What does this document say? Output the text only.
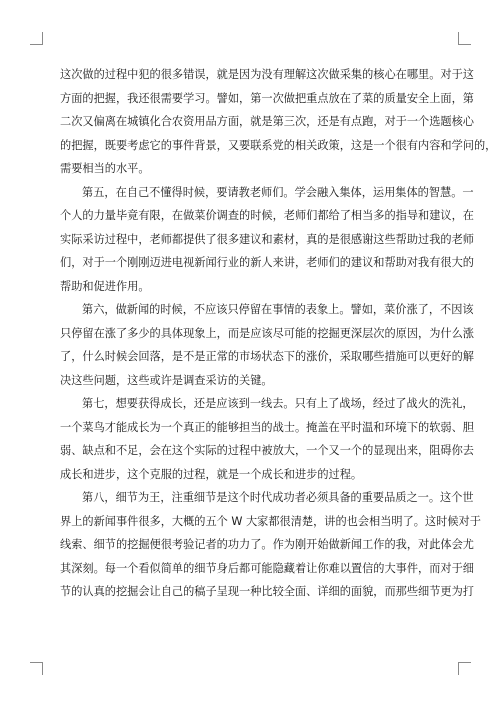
这次做的过程中犯的很多错误，就是因为没有理解这次做采集的核心在哪里。对于这
方面的把握，我还很需要学习。譬如，第一次做把重点放在了菜的质量安全上面，第
二次又偏离在城镇化合农资用品方面，就是第三次，还是有点跑，对于一个选题核心
的把握，既要考虑它的事件背景，又要联系党的相关政策，这是一个很有内容和学问的，
需要相当的水平。
第五，在自己不懂得时候，要请教老师们。学会融入集体，运用集体的智慧。一
个人的力量毕竟有限，在做菜价调查的时候，老师们都给了相当多的指导和建议，在
实际采访过程中，老师都提供了很多建议和素材，真的是很感谢这些帮助过我的老师
们，对于一个刚刚迈进电视新闻行业的新人来讲，老师们的建议和帮助对我有很大的
帮助和促进作用。
第六，做新闻的时候，不应该只停留在事情的表象上。譬如，菜价涨了，不因该
只停留在涨了多少的具体现象上，而是应该尽可能的挖掘更深层次的原因，为什么涨
了，什么时候会回落，是不是正常的市场状态下的涨价，采取哪些措施可以更好的解
决这些问题，这些或许是调查采访的关键。
第七，想要获得成长，还是应该到一线去。只有上了战场，经过了战火的洗礼，
一个菜鸟才能成长为一个真正的能够担当的战士。掩盖在平时温和环境下的软弱、胆
弱、缺点和不足，会在这个实际的过程中被放大，一个又一个的显现出来，阻碍你去
成长和进步，这个克服的过程，就是一个成长和进步的过程。
第八，细节为王，注重细节是这个时代成功者必须具备的重要品质之一。这个世
界上的新闻事件很多，大概的五个 W 大家都很清楚，讲的也会相当明了。这时候对于
线索、细节的挖掘便很考验记者的功力了。作为刚开始做新闻工作的我，对此体会尤
其深刻。每一个看似简单的细节身后都可能隐藏着让你难以置信的大事件，而对于细
节的认真的挖掘会让自己的稿子呈现一种比较全面、详细的面貌，而那些细节更为打
